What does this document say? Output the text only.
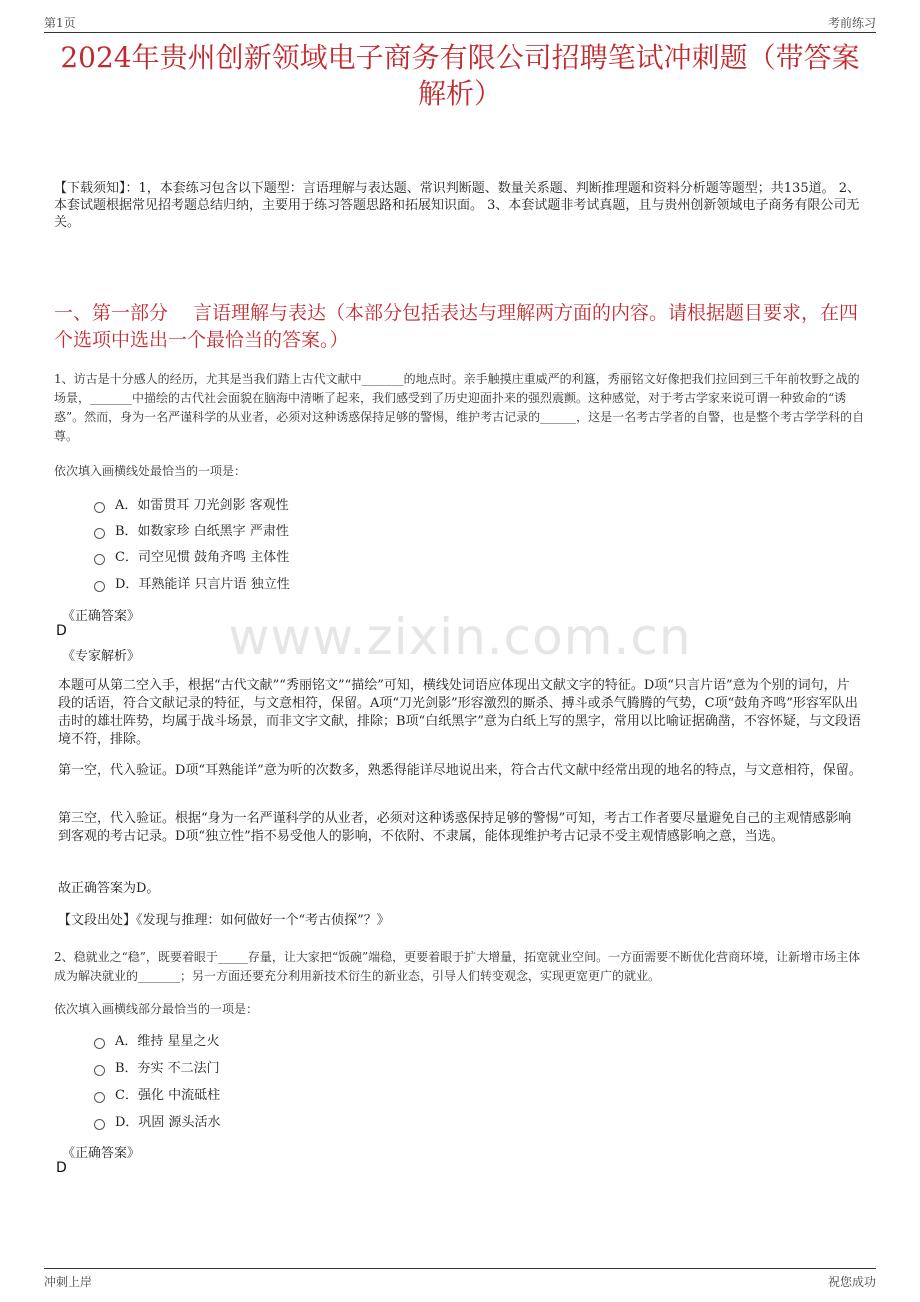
第1页	考前练习
2024年贵州创新领域电子商务有限公司招聘笔试冲刺题（带答案解析）
【下载须知】：1，本套练习包含以下题型：言语理解与表达题、常识判断题、数量关系题、判断推理题和资料分析题等题型；共135道。 2、本套试题根据常见招考题总结归纳，主要用于练习答题思路和拓展知识面。 3、本套试题非考试真题，且与贵州创新领域电子商务有限公司无关。
一、第一部分　 言语理解与表达（本部分包括表达与理解两方面的内容。请根据题目要求，在四个选项中选出一个最恰当的答案。）
1、访古是十分感人的经历，尤其是当我们踏上古代文献中_______的地点时。亲手触摸庄重威严的利簋，秀丽铭文好像把我们拉回到三千年前牧野之战的场景，_______中描绘的古代社会面貌在脑海中清晰了起来，我们感受到了历史迎面扑来的强烈震颤。这种感觉，对于考古学家来说可谓一种致命的“诱惑”。然而，身为一名严谨科学的从业者，必须对这种诱惑保持足够的警惕，维护考古记录的______，这是一名考古学者的自警，也是整个考古学学科的自尊。
依次填入画横线处最恰当的一项是：
A．如雷贯耳 刀光剑影 客观性
B．如数家珍 白纸黑字 严肃性
C．司空见惯 鼓角齐鸣 主体性
D．耳熟能详 只言片语 独立性
《正确答案》
D
《专家解析》	www.zixin.com.cn
本题可从第二空入手，根据“古代文献”“秀丽铭文”“描绘”可知，横线处词语应体现出文献文字的特征。D项“只言片语”意为个别的词句，片段的话语，符合文献记录的特征，与文意相符，保留。A项“刀光剑影”形容激烈的厮杀、搏斗或杀气腾腾的气势，C项“鼓角齐鸣”形容军队出击时的雄壮阵势，均属于战斗场景，而非文字文献，排除；B项“白纸黑字”意为白纸上写的黑字，常用以比喻证据确凿，不容怀疑，与文段语境不符，排除。
第一空，代入验证。D项“耳熟能详”意为听的次数多，熟悉得能详尽地说出来，符合古代文献中经常出现的地名的特点，与文意相符，保留。
第三空，代入验证。根据“身为一名严谨科学的从业者，必须对这种诱惑保持足够的警惕”可知，考古工作者要尽量避免自己的主观情感影响到客观的考古记录。D项“独立性”指不易受他人的影响，不依附、不隶属，能体现维护考古记录不受主观情感影响之意，当选。
故正确答案为D。
【文段出处】《发现与推理：如何做好一个“考古侦探”？》
2、稳就业之“稳”，既要着眼于_____存量，让大家把“饭碗”端稳，更要着眼于扩大增量，拓宽就业空间。一方面需要不断优化营商环境，让新增市场主体成为解决就业的_______；另一方面还要充分利用新技术衍生的新业态，引导人们转变观念，实现更宽更广的就业。
依次填入画横线部分最恰当的一项是：
A．维持 星星之火
B．夯实 不二法门
C．强化 中流砥柱
D．巩固 源头活水
《正确答案》
D
冲刺上岸	祝您成功
